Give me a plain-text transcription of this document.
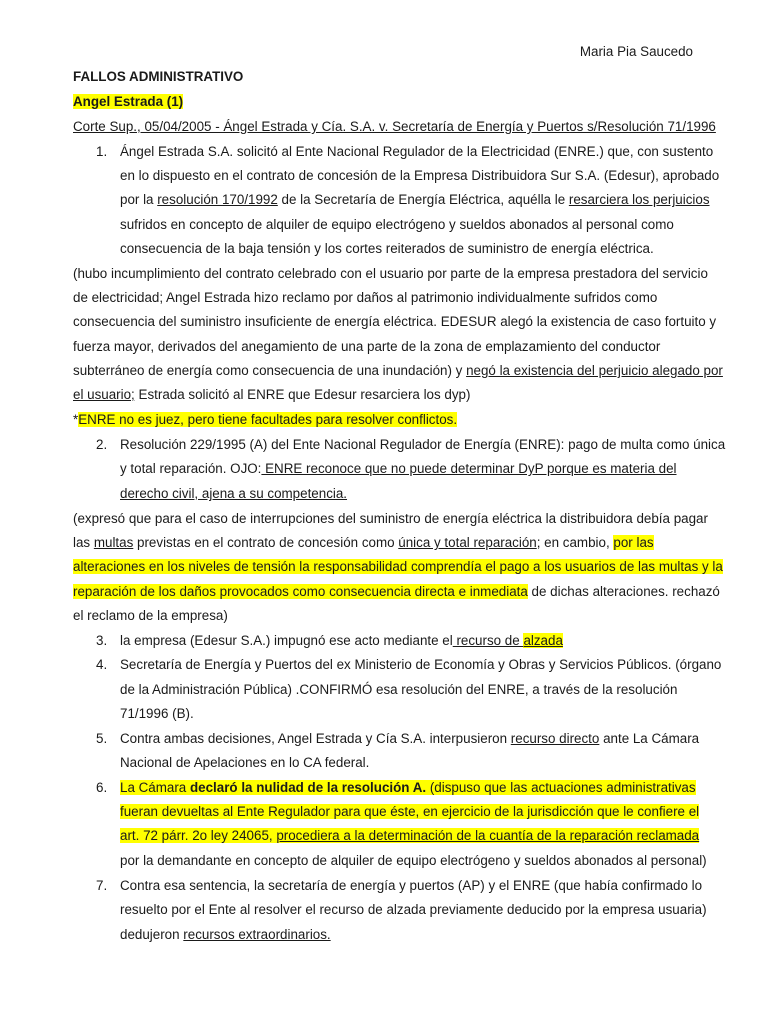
Maria Pia Saucedo
FALLOS ADMINISTRATIVO
Angel Estrada (1)
Corte Sup., 05/04/2005 - Ángel Estrada y Cía. S.A. v. Secretaría de Energía y Puertos s/Resolución 71/1996
1. Ángel Estrada S.A. solicitó al Ente Nacional Regulador de la Electricidad (ENRE.) que, con sustento
en lo dispuesto en el contrato de concesión de la Empresa Distribuidora Sur S.A. (Edesur), aprobado
por la resolución 170/1992 de la Secretaría de Energía Eléctrica, aquélla le resarciera los perjuicios
sufridos en concepto de alquiler de equipo electrógeno y sueldos abonados al personal como
consecuencia de la baja tensión y los cortes reiterados de suministro de energía eléctrica.
(hubo incumplimiento del contrato celebrado con el usuario por parte de la empresa prestadora del servicio
de electricidad; Angel Estrada hizo reclamo por daños al patrimonio individualmente sufridos como
consecuencia del suministro insuficiente de energía eléctrica. EDESUR alegó la existencia de caso fortuito y
fuerza mayor, derivados del anegamiento de una parte de la zona de emplazamiento del conductor
subterráneo de energía como consecuencia de una inundación) y negó la existencia del perjuicio alegado por
el usuario; Estrada solicitó al ENRE que Edesur resarciera los dyp)
*ENRE no es juez, pero tiene facultades para resolver conflictos.
2. Resolución 229/1995 (A) del Ente Nacional Regulador de Energía (ENRE): pago de multa como única
y total reparación. OJO: ENRE reconoce que no puede determinar DyP porque es materia del
derecho civil, ajena a su competencia.
(expresó que para el caso de interrupciones del suministro de energía eléctrica la distribuidora debía pagar
las multas previstas en el contrato de concesión como única y total reparación; en cambio, por las
alteraciones en los niveles de tensión la responsabilidad comprendía el pago a los usuarios de las multas y la
reparación de los daños provocados como consecuencia directa e inmediata de dichas alteraciones. rechazó
el reclamo de la empresa)
3. la empresa (Edesur S.A.) impugnó ese acto mediante el recurso de alzada
4. Secretaría de Energía y Puertos del ex Ministerio de Economía y Obras y Servicios Públicos. (órgano
de la Administración Pública) .CONFIRMÓ esa resolución del ENRE, a través de la resolución
71/1996 (B).
5. Contra ambas decisiones, Angel Estrada y Cía S.A. interpusieron recurso directo ante La Cámara
Nacional de Apelaciones en lo CA federal.
6. La Cámara declaró la nulidad de la resolución A. (dispuso que las actuaciones administrativas
fueran devueltas al Ente Regulador para que éste, en ejercicio de la jurisdicción que le confiere el
art. 72 párr. 2o ley 24065, procediera a la determinación de la cuantía de la reparación reclamada
por la demandante en concepto de alquiler de equipo electrógeno y sueldos abonados al personal)
7. Contra esa sentencia, la secretaría de energía y puertos (AP) y el ENRE (que había confirmado lo
resuelto por el Ente al resolver el recurso de alzada previamente deducido por la empresa usuaria)
dedujeron recursos extraordinarios.
